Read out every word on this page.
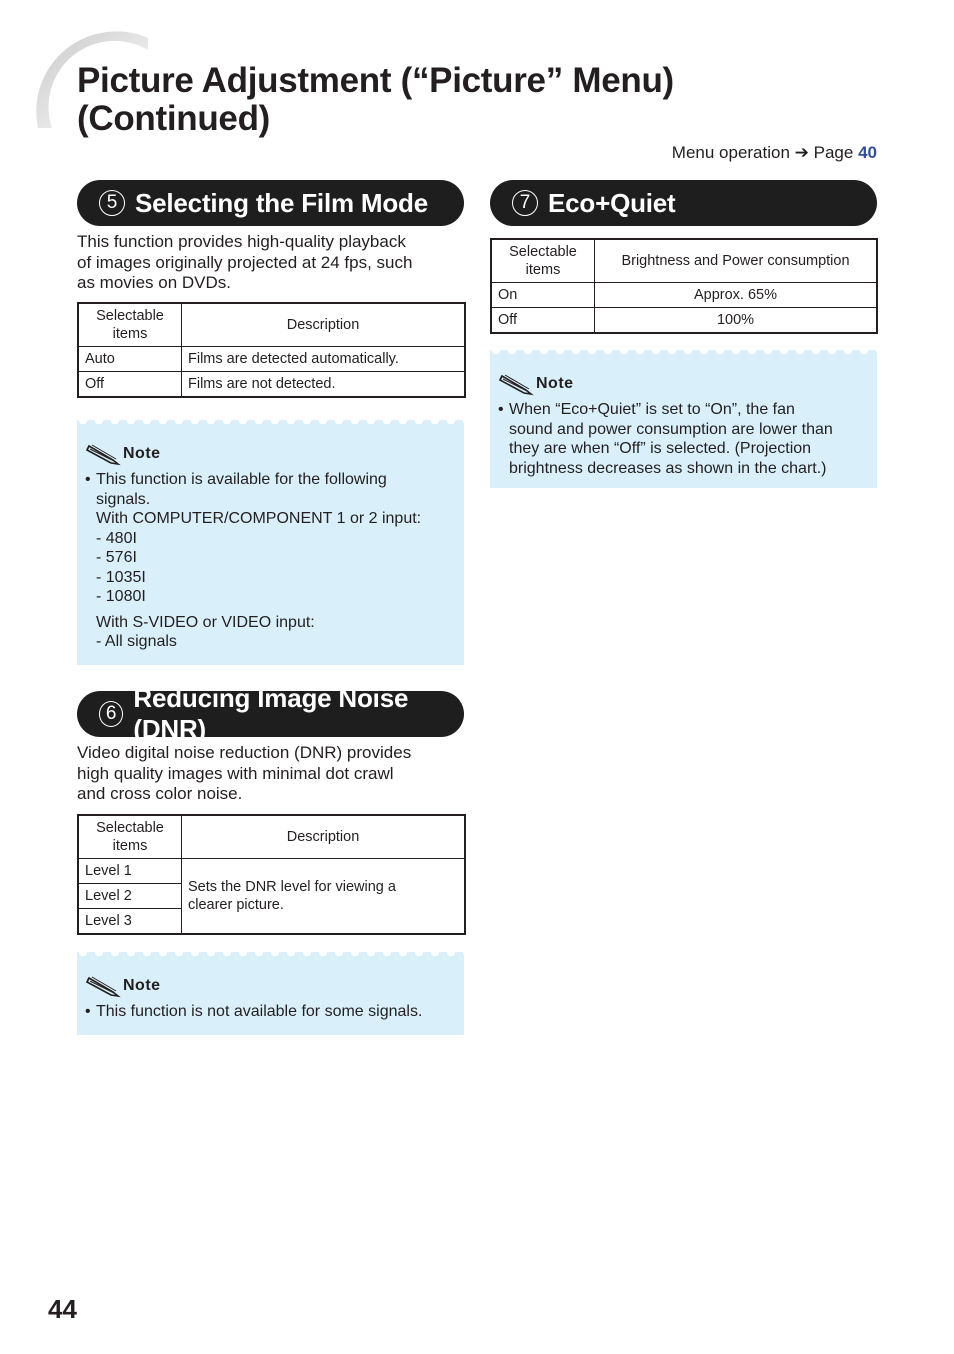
Picture Adjustment (“Picture” Menu)
(Continued)
Menu operation ➔ Page 40
5 Selecting the Film Mode

This function provides high-quality playback
of images originally projected at 24 fps, such
as movies on DVDs.

Selectable items	Description
Auto	Films are detected automatically.
Off	Films are not detected.
Note
• This function is available for the following
signals.
With COMPUTER/COMPONENT 1 or 2 input:
- 480I
- 576I
- 1035I
- 1080I
With S-VIDEO or VIDEO input:
- All signals
6
Reducing Image Noise (DNR)

Video digital noise reduction (DNR) provides
high quality images with minimal dot crawl
and cross color noise.

Selectable items	Description
Level 1	Sets the DNR level for viewing a
clearer picture.
Level 2	
Level 3	
Note
• This function is not available for some signals.
7 Eco+Quiet
Selectable items	Brightness and Power consumption
On	Approx. 65%
Off	100%
Note
• When “Eco+Quiet” is set to “On”, the fan
sound and power consumption are lower than
they are when “Off” is selected. (Projection
brightness decreases as shown in the chart.)
44
